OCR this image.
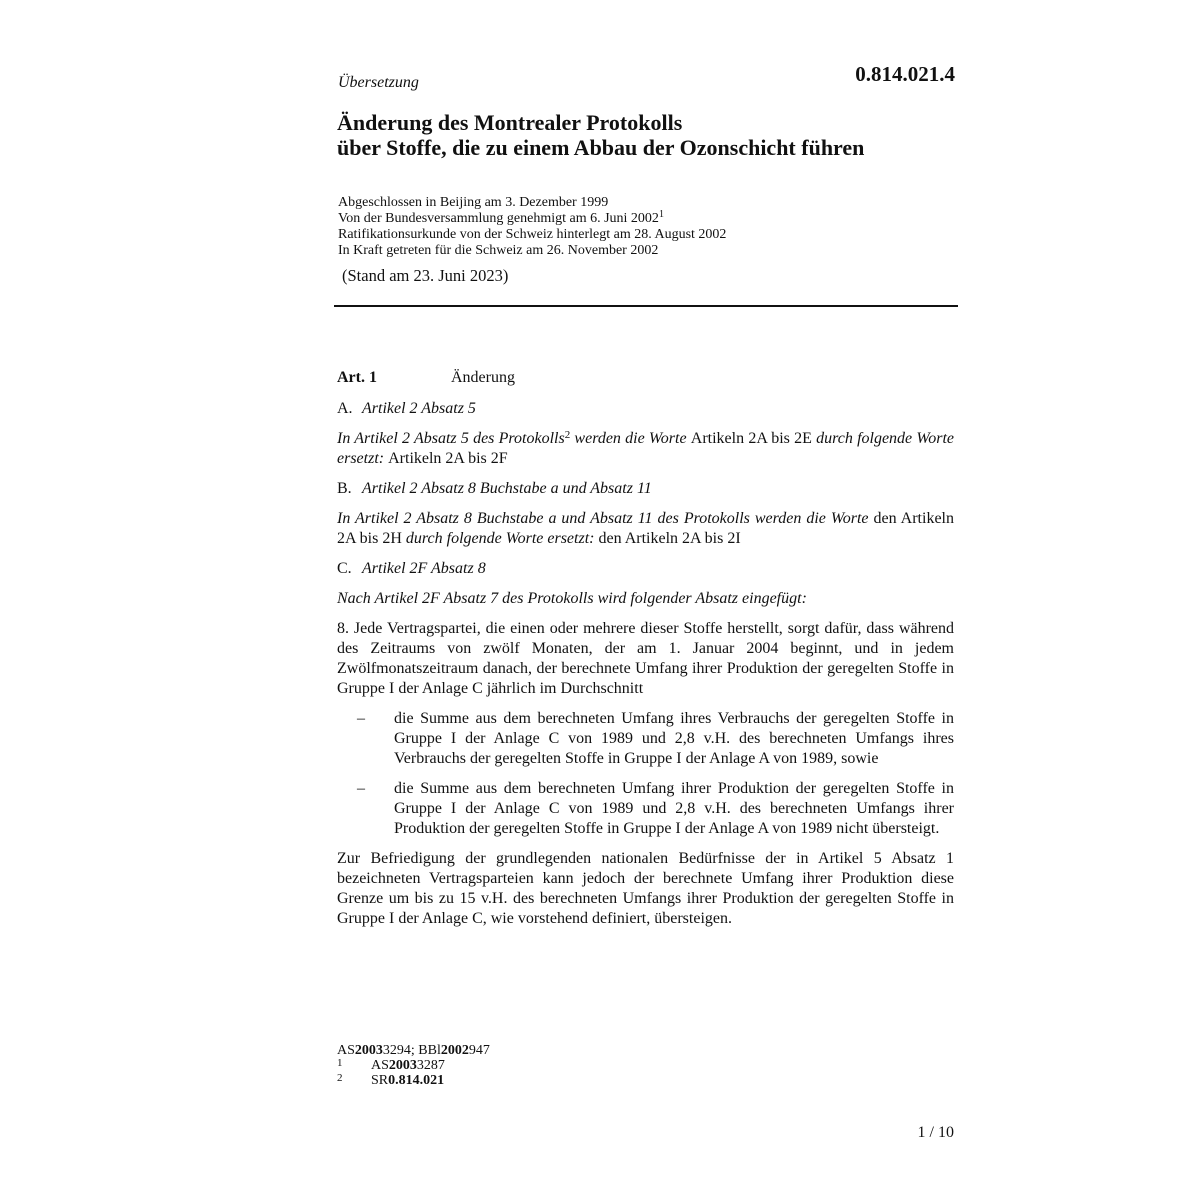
Übersetzung	0.814.021.4
Änderung des Montrealer Protokolls
über Stoffe, die zu einem Abbau der Ozonschicht führen
Abgeschlossen in Beijing am 3. Dezember 1999
Von der Bundesversammlung genehmigt am 6. Juni 2002$^1$
Ratifikationsurkunde von der Schweiz hinterlegt am 28. August 2002
In Kraft getreten für die Schweiz am 26. November 2002
(Stand am 23. Juni 2023)
Art. 1	Änderung
A. Artikel 2 Absatz 5

In Artikel 2 Absatz 5 des Protokolls$^2$ werden die Worte Artikeln 2A bis 2E durch folgende Worte ersetzt: Artikeln 2A bis 2F

B. Artikel 2 Absatz 8 Buchstabe a und Absatz 11

In Artikel 2 Absatz 8 Buchstabe a und Absatz 11 des Protokolls werden die Worte den Artikeln 2A bis 2H durch folgende Worte ersetzt: den Artikeln 2A bis 2I

C. Artikel 2F Absatz 8

Nach Artikel 2F Absatz 7 des Protokolls wird folgender Absatz eingefügt:

8. Jede Vertragspartei, die einen oder mehrere dieser Stoffe herstellt, sorgt dafür, dass während des Zeitraums von zwölf Monaten, der am 1. Januar 2004 beginnt, und in jedem Zwölfmonatszeitraum danach, der berechnete Umfang ihrer Produktion der geregelten Stoffe in Gruppe I der Anlage C jährlich im Durchschnitt

–	die Summe aus dem berechneten Umfang ihres Verbrauchs der geregelten Stoffe in Gruppe I der Anlage C von 1989 und 2,8 v.H. des berechneten Umfangs ihres Verbrauchs der geregelten Stoffe in Gruppe I der Anlage A von 1989, sowie
–	die Summe aus dem berechneten Umfang ihrer Produktion der geregelten Stoffe in Gruppe I der Anlage C von 1989 und 2,8 v.H. des berechneten Umfangs ihrer Produktion der geregelten Stoffe in Gruppe I der Anlage A von 1989 nicht übersteigt.

Zur Befriedigung der grundlegenden nationalen Bedürfnisse der in Artikel 5 Absatz 1 bezeichneten Vertragsparteien kann jedoch der berechnete Umfang ihrer Produktion diese Grenze um bis zu 15 v.H. des berechneten Umfangs ihrer Produktion der geregelten Stoffe in Gruppe I der Anlage C, wie vorstehend definiert, übersteigen.

AS 2003 3294; BBl 2002 947
1	AS 2003 3287
2	SR 0.814.021
1 / 10
